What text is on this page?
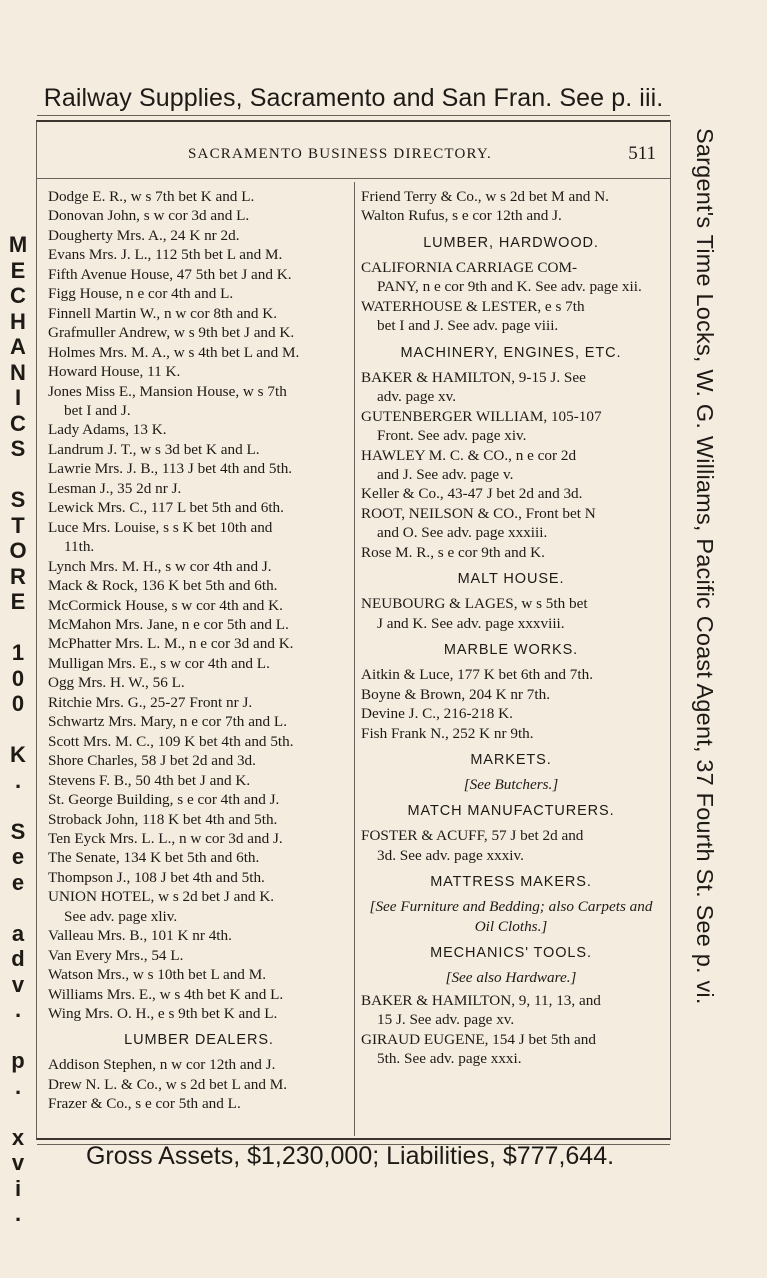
Railway Supplies, Sacramento and San Fran. See p. iii.
M
E
C
H
A
N
I
C
S
S
T
O
R
E
1
0
0
K
.
S
e
e
a
d
v
.
p
.
x
v
i
.
Sargent's Time Locks, W. G. Williams, Pacific Coast Agent, 37 Fourth St. See p. vi.
SACRAMENTO BUSINESS DIRECTORY.	511
Dodge E. R., w s 7th bet K and L.
Donovan John, s w cor 3d and L.
Dougherty Mrs. A., 24 K nr 2d.
Evans Mrs. J. L., 112 5th bet L and M.
Fifth Avenue House, 47 5th bet J and K.
Figg House, n e cor 4th and L.
Finnell Martin W., n w cor 8th and K.
Grafmuller Andrew, w s 9th bet J and K.
Holmes Mrs. M. A., w s 4th bet L and M.
Howard House, 11 K.
Jones Miss E., Mansion House, w s 7th
bet I and J.
Lady Adams, 13 K.
Landrum J. T., w s 3d bet K and L.
Lawrie Mrs. J. B., 113 J bet 4th and 5th.
Lesman J., 35 2d nr J.
Lewick Mrs. C., 117 L bet 5th and 6th.
Luce Mrs. Louise, s s K bet 10th and
11th.
Lynch Mrs. M. H., s w cor 4th and J.
Mack & Rock, 136 K bet 5th and 6th.
McCormick House, s w cor 4th and K.
McMahon Mrs. Jane, n e cor 5th and L.
McPhatter Mrs. L. M., n e cor 3d and K.
Mulligan Mrs. E., s w cor 4th and L.
Ogg Mrs. H. W., 56 L.
Ritchie Mrs. G., 25-27 Front nr J.
Schwartz Mrs. Mary, n e cor 7th and L.
Scott Mrs. M. C., 109 K bet 4th and 5th.
Shore Charles, 58 J bet 2d and 3d.
Stevens F. B., 50 4th bet J and K.
St. George Building, s e cor 4th and J.
Stroback John, 118 K bet 4th and 5th.
Ten Eyck Mrs. L. L., n w cor 3d and J.
The Senate, 134 K bet 5th and 6th.
Thompson J., 108 J bet 4th and 5th.
UNION HOTEL, w s 2d bet J and K.
See adv. page xliv.
Valleau Mrs. B., 101 K nr 4th.
Van Every Mrs., 54 L.
Watson Mrs., w s 10th bet L and M.
Williams Mrs. E., w s 4th bet K and L.
Wing Mrs. O. H., e s 9th bet K and L.
LUMBER DEALERS.
Addison Stephen, n w cor 12th and J.
Drew N. L. & Co., w s 2d bet L and M.
Frazer & Co., s e cor 5th and L.
Friend Terry & Co., w s 2d bet M and N.
Walton Rufus, s e cor 12th and J.
LUMBER, HARDWOOD.
CALIFORNIA CARRIAGE COM-
PANY, n e cor 9th and K. See adv. page xii.
WATERHOUSE & LESTER, e s 7th
bet I and J. See adv. page viii.
MACHINERY, ENGINES, ETC.
BAKER & HAMILTON, 9-15 J. See
adv. page xv.
GUTENBERGER WILLIAM, 105-107
Front. See adv. page xiv.
HAWLEY M. C. & CO., n e cor 2d
and J. See adv. page v.
Keller & Co., 43-47 J bet 2d and 3d.
ROOT, NEILSON & CO., Front bet N
and O. See adv. page xxxiii.
Rose M. R., s e cor 9th and K.
MALT HOUSE.
NEUBOURG & LAGES, w s 5th bet
J and K. See adv. page xxxviii.
MARBLE WORKS.
Aitkin & Luce, 177 K bet 6th and 7th.
Boyne & Brown, 204 K nr 7th.
Devine J. C., 216-218 K.
Fish Frank N., 252 K nr 9th.
MARKETS.
[See Butchers.]
MATCH MANUFACTURERS.
FOSTER & ACUFF, 57 J bet 2d and
3d. See adv. page xxxiv.
MATTRESS MAKERS.
[See Furniture and Bedding; also Carpets and Oil Cloths.]
MECHANICS' TOOLS.
[See also Hardware.]
BAKER & HAMILTON, 9, 11, 13, and
15 J. See adv. page xv.
GIRAUD EUGENE, 154 J bet 5th and
5th. See adv. page xxxi.
Gross Assets, $1,230,000; Liabilities, $777,644.
